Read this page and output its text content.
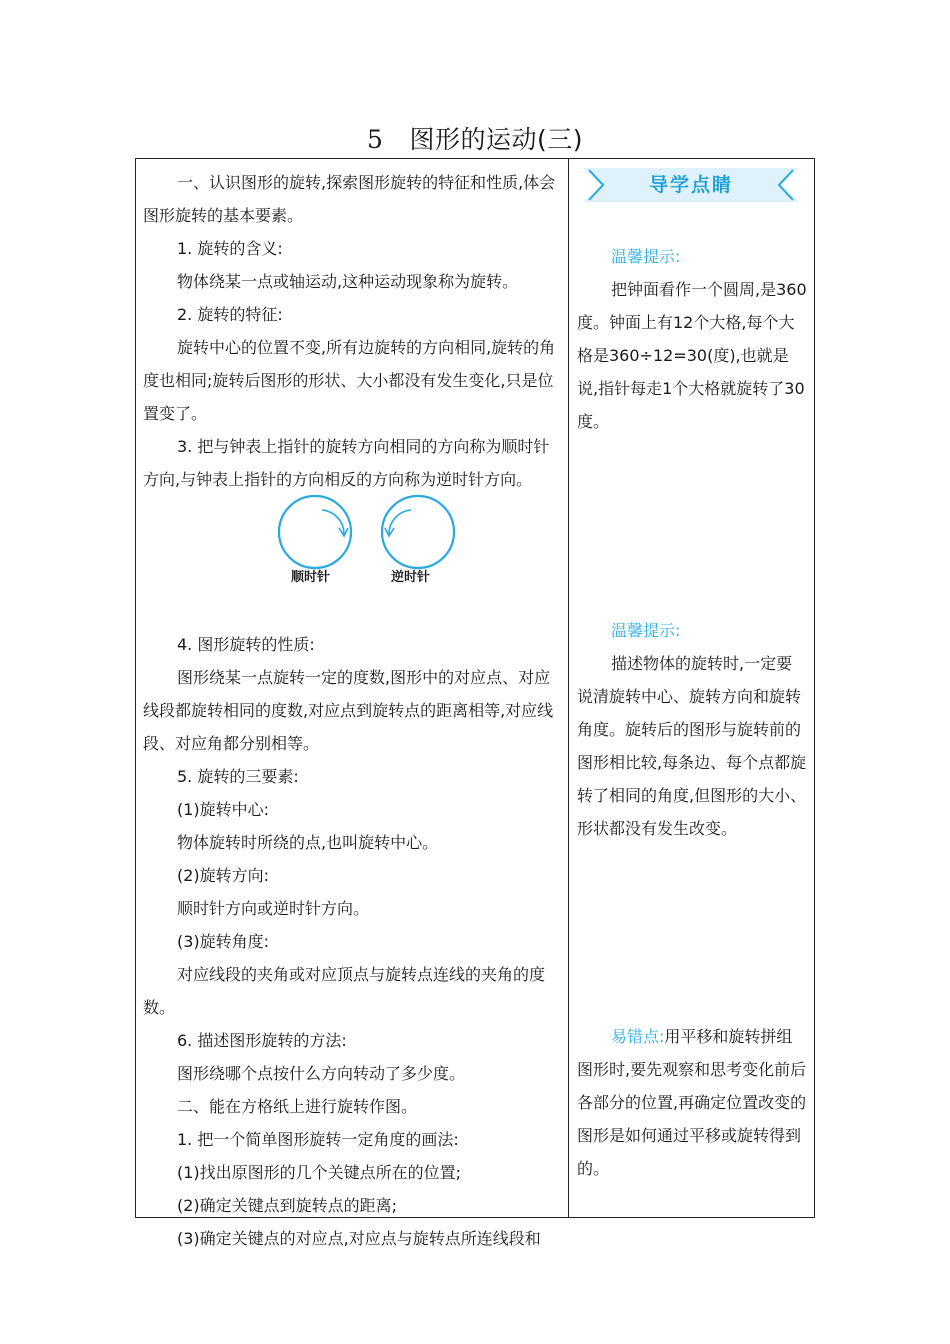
5 图形的运动(三)

一、认识图形的旋转,探索图形旋转的特征和性质,体会图形旋转的基本要素。

1. 旋转的含义:

物体绕某一点或轴运动,这种运动现象称为旋转。

2. 旋转的特征:

旋转中心的位置不变,所有边旋转的方向相同,旋转的角度也相同;旋转后图形的形状、大小都没有发生变化,只是位置变了。

3. 把与钟表上指针的旋转方向相同的方向称为顺时针方向,与钟表上指针的方向相反的方向称为逆时针方向。

4. 图形旋转的性质:

图形绕某一点旋转一定的度数,图形中的对应点、对应线段都旋转相同的度数,对应点到旋转点的距离相等,对应线段、对应角都分别相等。

5. 旋转的三要素:

(1)旋转中心:

物体旋转时所绕的点,也叫旋转中心。

(2)旋转方向:

顺时针方向或逆时针方向。

(3)旋转角度:

对应线段的夹角或对应顶点与旋转点连线的夹角的度数。

6. 描述图形旋转的方法:

图形绕哪个点按什么方向转动了多少度。

二、能在方格纸上进行旋转作图。

1. 把一个简单图形旋转一定角度的画法:

(1)找出原图形的几个关键点所在的位置;

(2)确定关键点到旋转点的距离;

(3)确定关键点的对应点,对应点与旋转点所连线段和

顺时针	逆时针
导学点睛

温馨提示:

把钟面看作一个圆周,是360度。钟面上有12个大格,每个大格是360÷12=30(度),也就是说,指针每走1个大格就旋转了30度。

温馨提示:

描述物体的旋转时,一定要说清旋转中心、旋转方向和旋转角度。旋转后的图形与旋转前的图形相比较,每条边、每个点都旋转了相同的角度,但图形的大小、形状都没有发生改变。

易错点:用平移和旋转拼组图形时,要先观察和思考变化前后各部分的位置,再确定位置改变的图形是如何通过平移或旋转得到的。
